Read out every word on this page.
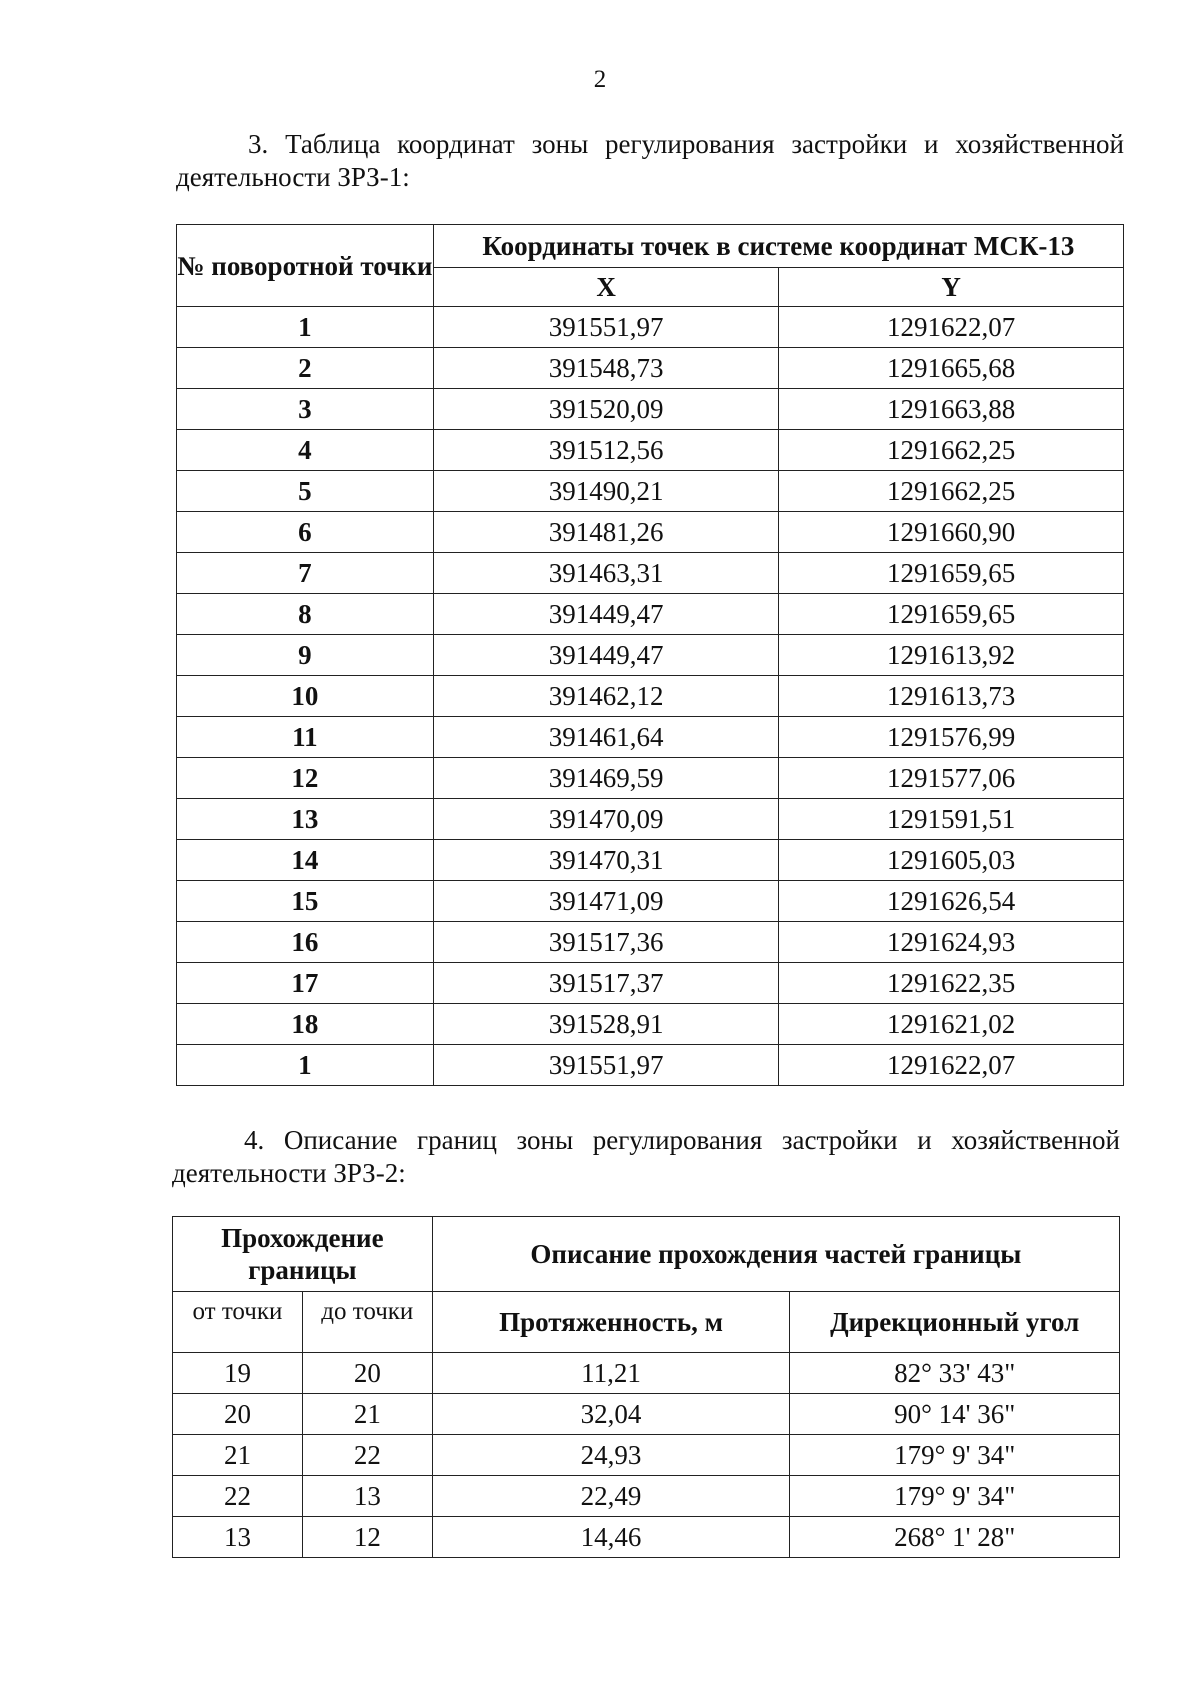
2
3. Таблица координат зоны регулирования застройки и хозяйственной деятельности ЗРЗ-1:
№ поворотной точки	Координаты точек в системе координат МСК-13	
	X	Y
1	391551,97	1291622,07
2	391548,73	1291665,68
3	391520,09	1291663,88
4	391512,56	1291662,25
5	391490,21	1291662,25
6	391481,26	1291660,90
7	391463,31	1291659,65
8	391449,47	1291659,65
9	391449,47	1291613,92
10	391462,12	1291613,73
11	391461,64	1291576,99
12	391469,59	1291577,06
13	391470,09	1291591,51
14	391470,31	1291605,03
15	391471,09	1291626,54
16	391517,36	1291624,93
17	391517,37	1291622,35
18	391528,91	1291621,02
1	391551,97	1291622,07
4. Описание границ зоны регулирования застройки и хозяйственной деятельности ЗРЗ-2:
Прохождение границы		Описание прохождения частей границы	
от точки	до точки	Протяженность, м	Дирекционный угол
19	20	11,21	82° 33' 43"
20	21	32,04	90° 14' 36"
21	22	24,93	179° 9' 34"
22	13	22,49	179° 9' 34"
13	12	14,46	268° 1' 28"
